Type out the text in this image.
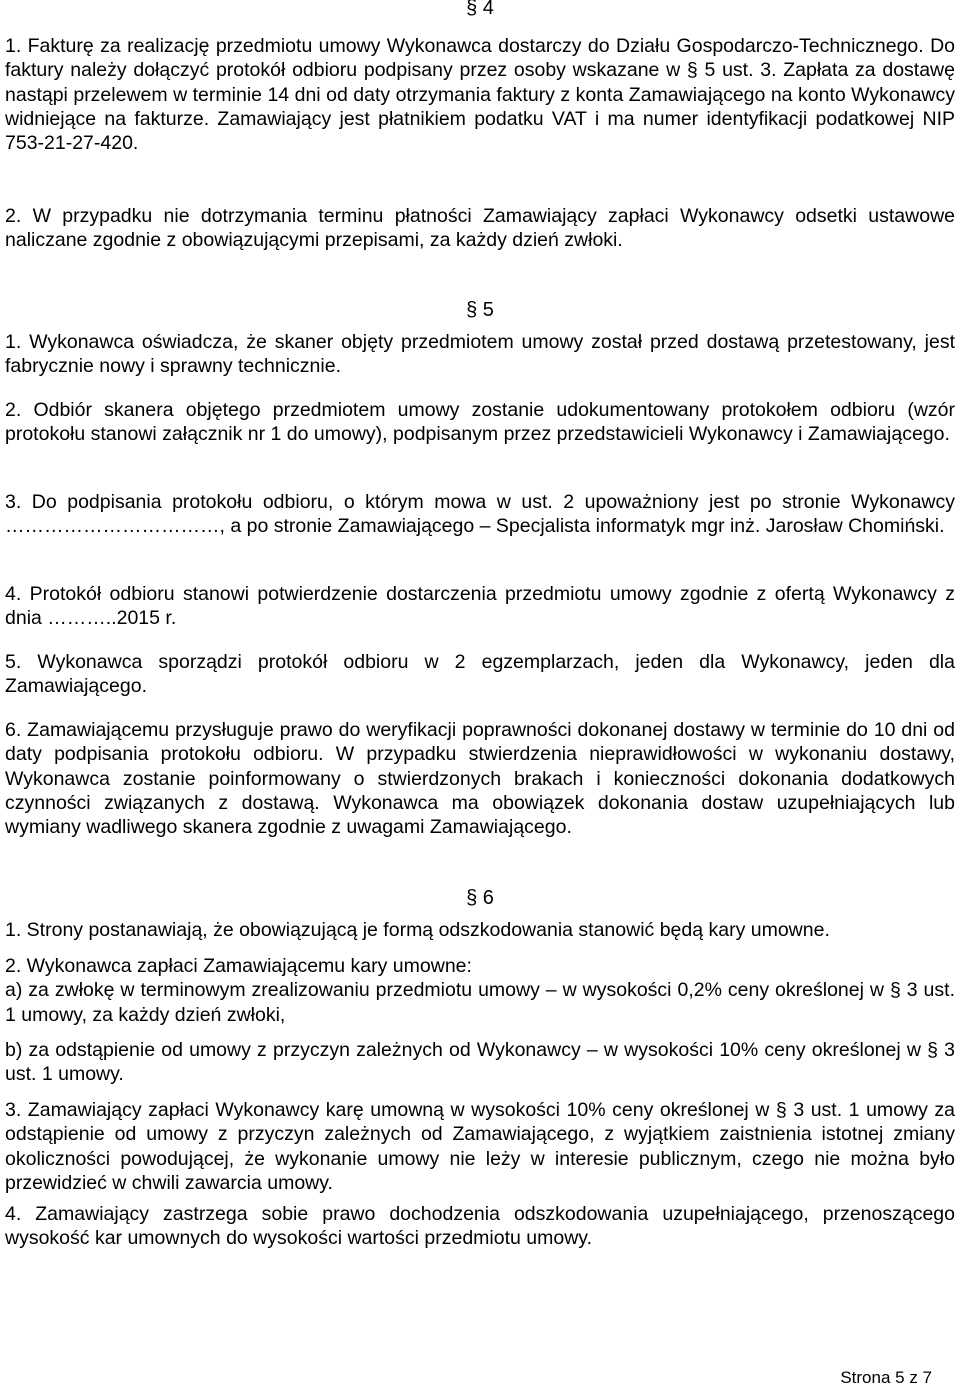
§ 4

1. Fakturę za realizację przedmiotu umowy Wykonawca dostarczy do Działu Gospodarczo-Technicznego. Do faktury należy dołączyć protokół odbioru podpisany przez osoby wskazane w § 5 ust. 3. Zapłata za dostawę nastąpi przelewem w terminie 14 dni od daty otrzymania faktury z konta Zamawiającego na konto Wykonawcy widniejące na fakturze. Zamawiający jest płatnikiem podatku VAT i ma numer identyfikacji podatkowej NIP 753-21-27-420.

2. W przypadku nie dotrzymania terminu płatności Zamawiający zapłaci Wykonawcy odsetki ustawowe naliczane zgodnie z obowiązującymi przepisami, za każdy dzień zwłoki.

§ 5

1. Wykonawca oświadcza, że skaner objęty przedmiotem umowy został przed dostawą przetestowany, jest fabrycznie nowy i sprawny technicznie.

2. Odbiór skanera objętego przedmiotem umowy zostanie udokumentowany protokołem odbioru (wzór protokołu stanowi załącznik nr 1 do umowy), podpisanym przez przedstawicieli Wykonawcy i Zamawiającego.

3. Do podpisania protokołu odbioru, o którym mowa w ust. 2 upoważniony jest po stronie Wykonawcy ……………………………, a po stronie Zamawiającego – Specjalista informatyk mgr inż. Jarosław Chomiński.

4. Protokół odbioru stanowi potwierdzenie dostarczenia przedmiotu umowy zgodnie z ofertą Wykonawcy z dnia ………..2015 r.

5. Wykonawca sporządzi protokół odbioru w 2 egzemplarzach, jeden dla Wykonawcy, jeden dla Zamawiającego.

6. Zamawiającemu przysługuje prawo do weryfikacji poprawności dokonanej dostawy w terminie do 10 dni od daty podpisania protokołu odbioru. W przypadku stwierdzenia nieprawidłowości w wykonaniu dostawy, Wykonawca zostanie poinformowany o stwierdzonych brakach i konieczności dokonania dodatkowych czynności związanych z dostawą. Wykonawca ma obowiązek dokonania dostaw uzupełniających lub wymiany wadliwego skanera zgodnie z uwagami Zamawiającego.

§ 6

1. Strony postanawiają, że obowiązującą je formą odszkodowania stanowić będą kary umowne.

2. Wykonawca zapłaci Zamawiającemu kary umowne:
a) za zwłokę w terminowym zrealizowaniu przedmiotu umowy – w wysokości 0,2% ceny określonej w § 3 ust. 1 umowy, za każdy dzień zwłoki,

b) za odstąpienie od umowy z przyczyn zależnych od Wykonawcy – w wysokości 10% ceny określonej w § 3 ust. 1 umowy.

3. Zamawiający zapłaci Wykonawcy karę umowną w wysokości 10% ceny określonej w § 3 ust. 1 umowy za odstąpienie od umowy z przyczyn zależnych od Zamawiającego, z wyjątkiem zaistnienia istotnej zmiany okoliczności powodującej, że wykonanie umowy nie leży w interesie publicznym, czego nie można było przewidzieć w chwili zawarcia umowy.

4. Zamawiający zastrzega sobie prawo dochodzenia odszkodowania uzupełniającego, przenoszącego wysokość kar umownych do wysokości wartości przedmiotu umowy.

Strona 5 z 7
